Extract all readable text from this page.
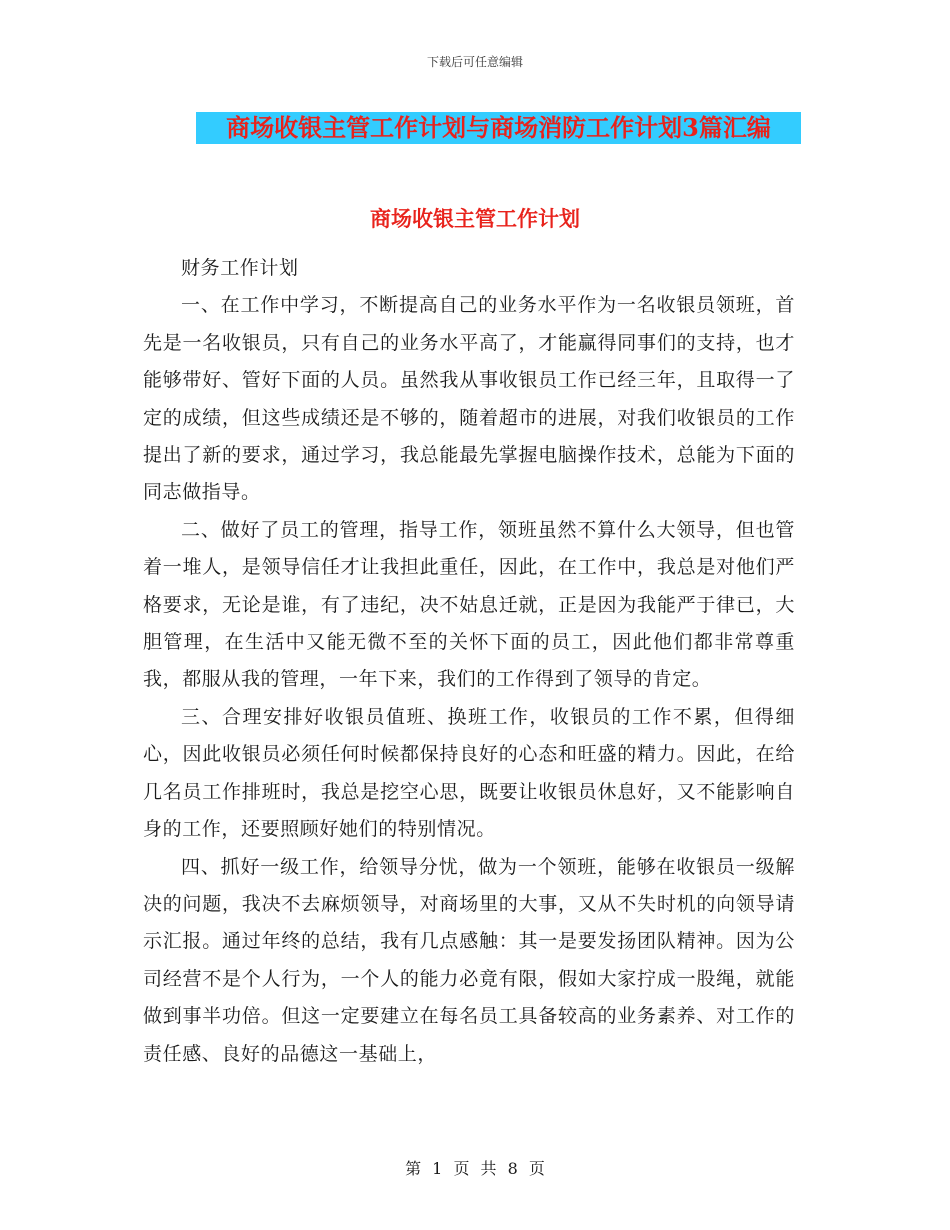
下载后可任意编辑
商场收银主管工作计划与商场消防工作计划3篇汇编
商场收银主管工作计划

财务工作计划

一、在工作中学习，不断提高自己的业务水平作为一名收银员领班，首先是一名收银员，只有自己的业务水平高了，才能赢得同事们的支持，也才能够带好、管好下面的人员。虽然我从事收银员工作已经三年，且取得一了定的成绩，但这些成绩还是不够的，随着超市的进展，对我们收银员的工作提出了新的要求，通过学习，我总能最先掌握电脑操作技术，总能为下面的同志做指导。

二、做好了员工的管理，指导工作，领班虽然不算什么大领导，但也管着一堆人，是领导信任才让我担此重任，因此，在工作中，我总是对他们严格要求，无论是谁，有了违纪，决不姑息迁就，正是因为我能严于律已，大胆管理，在生活中又能无微不至的关怀下面的员工，因此他们都非常尊重我，都服从我的管理，一年下来，我们的工作得到了领导的肯定。

三、合理安排好收银员值班、换班工作，收银员的工作不累，但得细心，因此收银员必须任何时候都保持良好的心态和旺盛的精力。因此，在给几名员工作排班时，我总是挖空心思，既要让收银员休息好，又不能影响自身的工作，还要照顾好她们的特别情况。

四、抓好一级工作，给领导分忧，做为一个领班，能够在收银员一级解决的问题，我决不去麻烦领导，对商场里的大事，又从不失时机的向领导请示汇报。通过年终的总结，我有几点感触：其一是要发扬团队精神。因为公司经营不是个人行为，一个人的能力必竟有限，假如大家拧成一股绳，就能做到事半功倍。但这一定要建立在每名员工具备较高的业务素养、对工作的责任感、良好的品德这一基础上，

第 1 页 共 8 页
